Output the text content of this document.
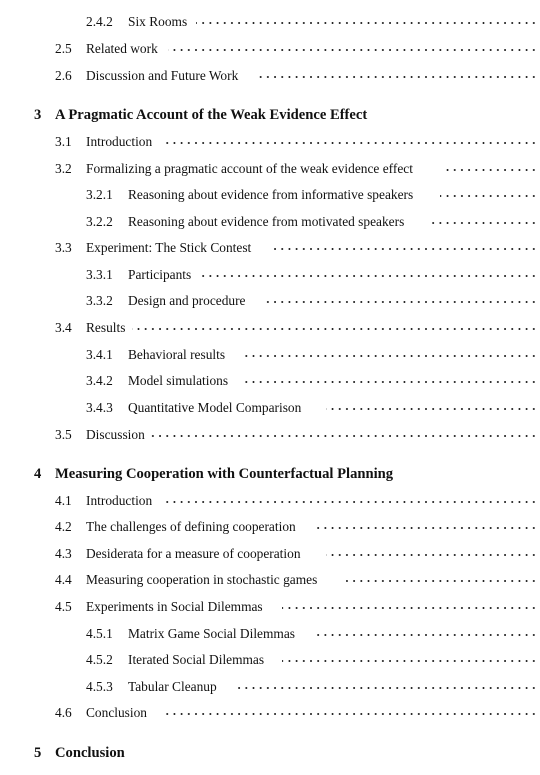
2.4.2 Six Rooms
2.5 Related work
2.6 Discussion and Future Work
3 A Pragmatic Account of the Weak Evidence Effect
3.1 Introduction
3.2 Formalizing a pragmatic account of the weak evidence effect
3.2.1 Reasoning about evidence from informative speakers
3.2.2 Reasoning about evidence from motivated speakers
3.3 Experiment: The Stick Contest
3.3.1 Participants
3.3.2 Design and procedure
3.4 Results
3.4.1 Behavioral results
3.4.2 Model simulations
3.4.3 Quantitative Model Comparison
3.5 Discussion
4 Measuring Cooperation with Counterfactual Planning
4.1 Introduction
4.2 The challenges of defining cooperation
4.3 Desiderata for a measure of cooperation
4.4 Measuring cooperation in stochastic games
4.5 Experiments in Social Dilemmas
4.5.1 Matrix Game Social Dilemmas
4.5.2 Iterated Social Dilemmas
4.5.3 Tabular Cleanup
4.6 Conclusion
5 Conclusion
